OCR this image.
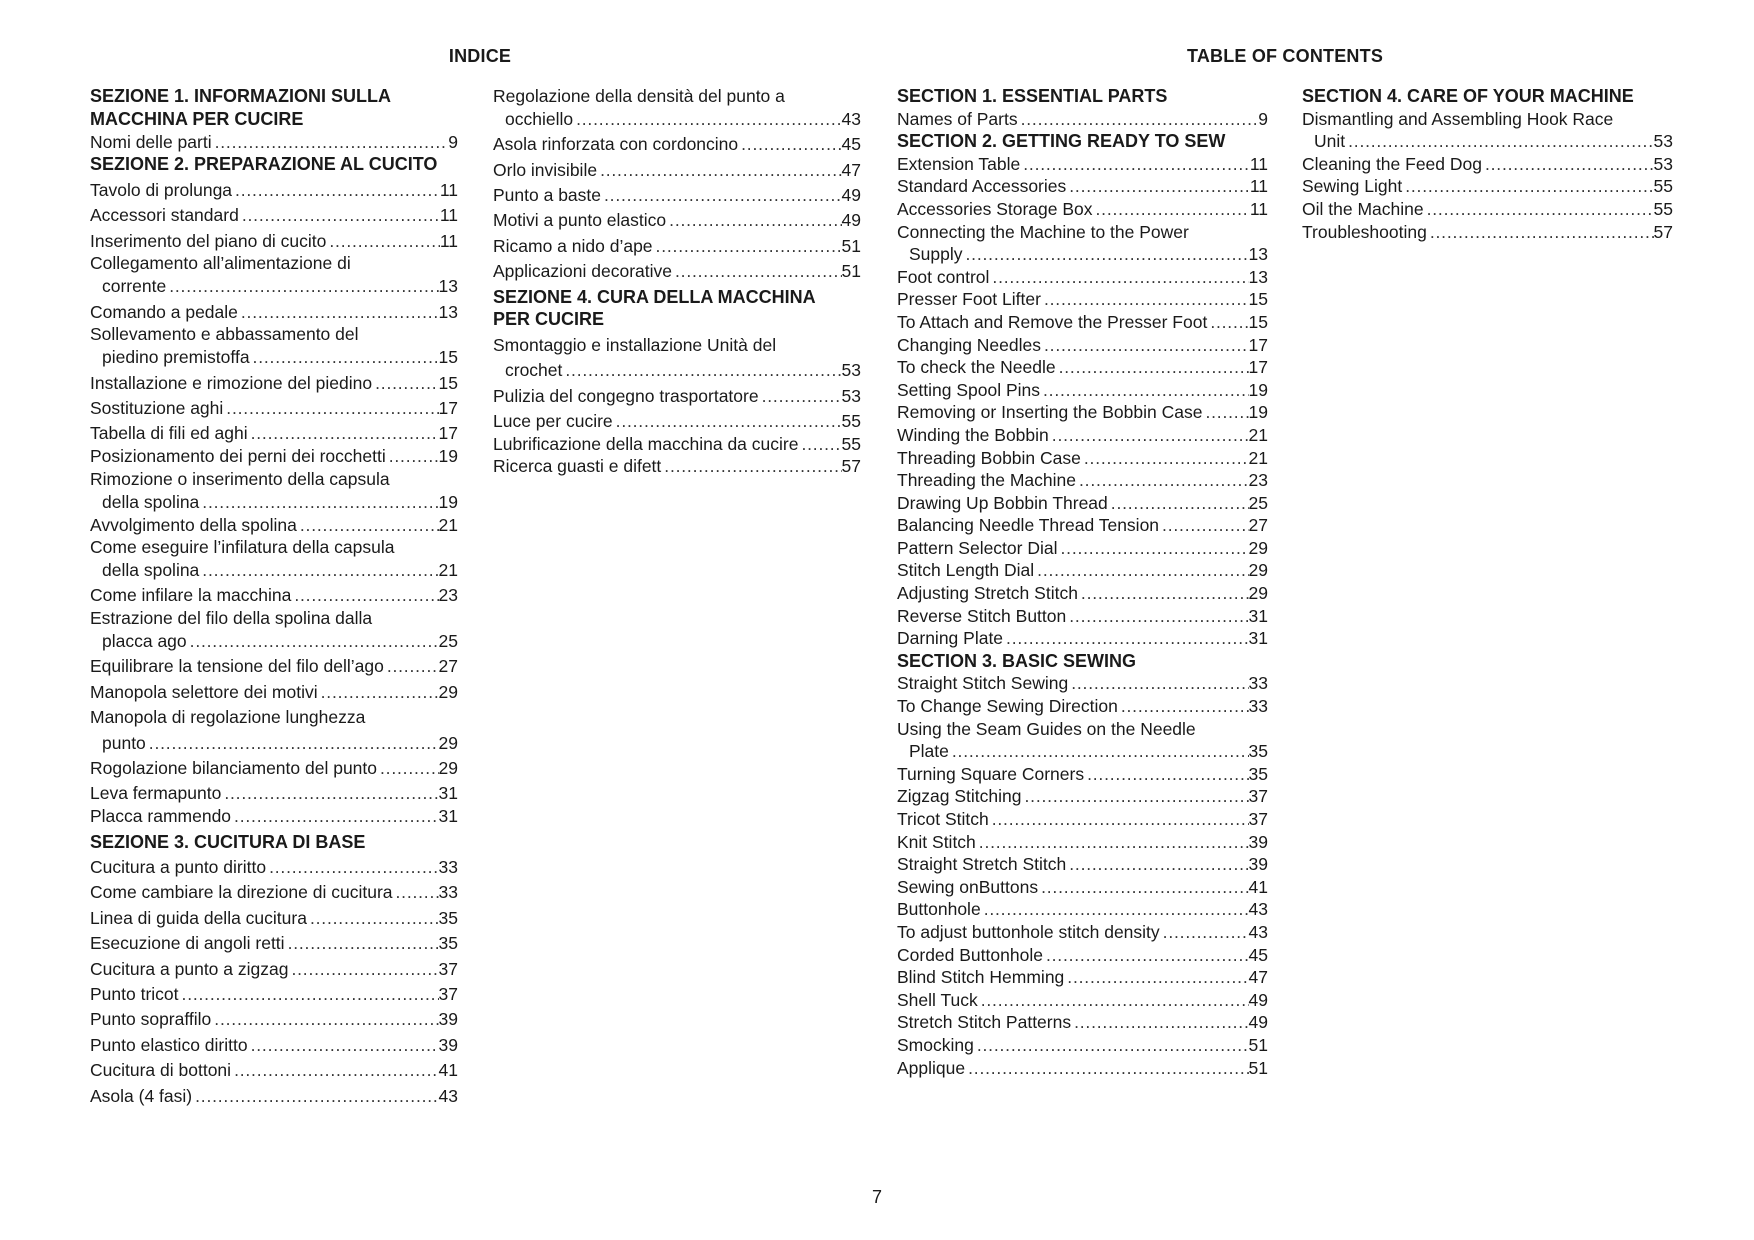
INDICE	TABLE OF CONTENTS
SEZIONE 1. INFORMAZIONI SULLA
MACCHINA PER CUCIRE
Nomi delle parti .....	9
SEZIONE 2. PREPARAZIONE AL CUCITO
Tavolo di prolunga .....	11
Accessori standard .....	11
Inserimento del piano di cucito .....	11
Collegamento all’alimentazione di
corrente .....	13
Comando a pedale .....	13
Sollevamento e abbassamento del
piedino premistoffa .....	15
Installazione e rimozione del piedino .....	15
Sostituzione aghi .....	17
Tabella di fili ed aghi .....	17
Posizionamento dei perni dei rocchetti .....	19
Rimozione o inserimento della capsula
della spolina .....	19
Avvolgimento della spolina .....	21
Come eseguire l’infilatura della capsula
della spolina .....	21
Come infilare la macchina .....	23
Estrazione del filo della spolina dalla
placca ago .....	25
Equilibrare la tensione del filo dell’ago .....	27
Manopola selettore dei motivi .....	29
Manopola di regolazione lunghezza
punto .....	29
Rogolazione bilanciamento del punto .....	29
Leva fermapunto .....	31
Placca rammendo .....	31
SEZIONE 3. CUCITURA DI BASE
Cucitura a punto diritto .....	33
Come cambiare la direzione di cucitura .....	33
Linea di guida della cucitura .....	35
Esecuzione di angoli retti .....	35
Cucitura a punto a zigzag .....	37
Punto tricot .....	37
Punto sopraffilo .....	39
Punto elastico diritto .....	39
Cucitura di bottoni .....	41
Asola (4 fasi) .....	43
Regolazione della densità del punto a
occhiello .....	43
Asola rinforzata con cordoncino .....	45
Orlo invisibile .....	47
Punto a baste .....	49
Motivi a punto elastico .....	49
Ricamo a nido d’ape .....	51
Applicazioni decorative .....	51
SEZIONE 4. CURA DELLA MACCHINA
PER CUCIRE
Smontaggio e installazione Unità del
crochet .....	53
Pulizia del congegno trasportatore .....	53
Luce per cucire .....	55
Lubrificazione della macchina da cucire ..... 55
Ricerca guasti e difett .....	57
SECTION 1. ESSENTIAL PARTS
Names of Parts .....	9
SECTION 2. GETTING READY TO SEW
Extension Table .....	11
Standard Accessories .....	11
Accessories Storage Box .....	11
Connecting the Machine to the Power
Supply .....	13
Foot control .....	13
Presser Foot Lifter .....	15
To Attach and Remove the Presser Foot ..... 15
Changing Needles .....	17
To check the Needle .....	17
Setting Spool Pins .....	19
Removing or Inserting the Bobbin Case .....	19
Winding the Bobbin .....	21
Threading Bobbin Case .....	21
Threading the Machine .....	23
Drawing Up Bobbin Thread .....	25
Balancing Needle Thread Tension .....	27
Pattern Selector Dial .....	29
Stitch Length Dial .....	29
Adjusting Stretch Stitch .....	29
Reverse Stitch Button .....	31
Darning Plate .....	31
SECTION 3. BASIC SEWING
Straight Stitch Sewing .....	33
To Change Sewing Direction .....	33
Using the Seam Guides on the Needle
Plate .....	35
Turning Square Corners .....	35
Zigzag Stitching .....	37
Tricot Stitch .....	37
Knit Stitch .....	39
Straight Stretch Stitch .....	39
Sewing onButtons .....	41
Buttonhole .....	43
To adjust buttonhole stitch density .....	43
Corded Buttonhole .....	45
Blind Stitch Hemming .....	47
Shell Tuck .....	49
Stretch Stitch Patterns .....	49
Smocking .....	51
Applique .....	51
SECTION 4. CARE OF YOUR MACHINE
Dismantling and Assembling Hook Race
Unit .....	53
Cleaning the Feed Dog .....	53
Sewing Light .....	55
Oil the Machine .....	55
Troubleshooting .....	57
7
